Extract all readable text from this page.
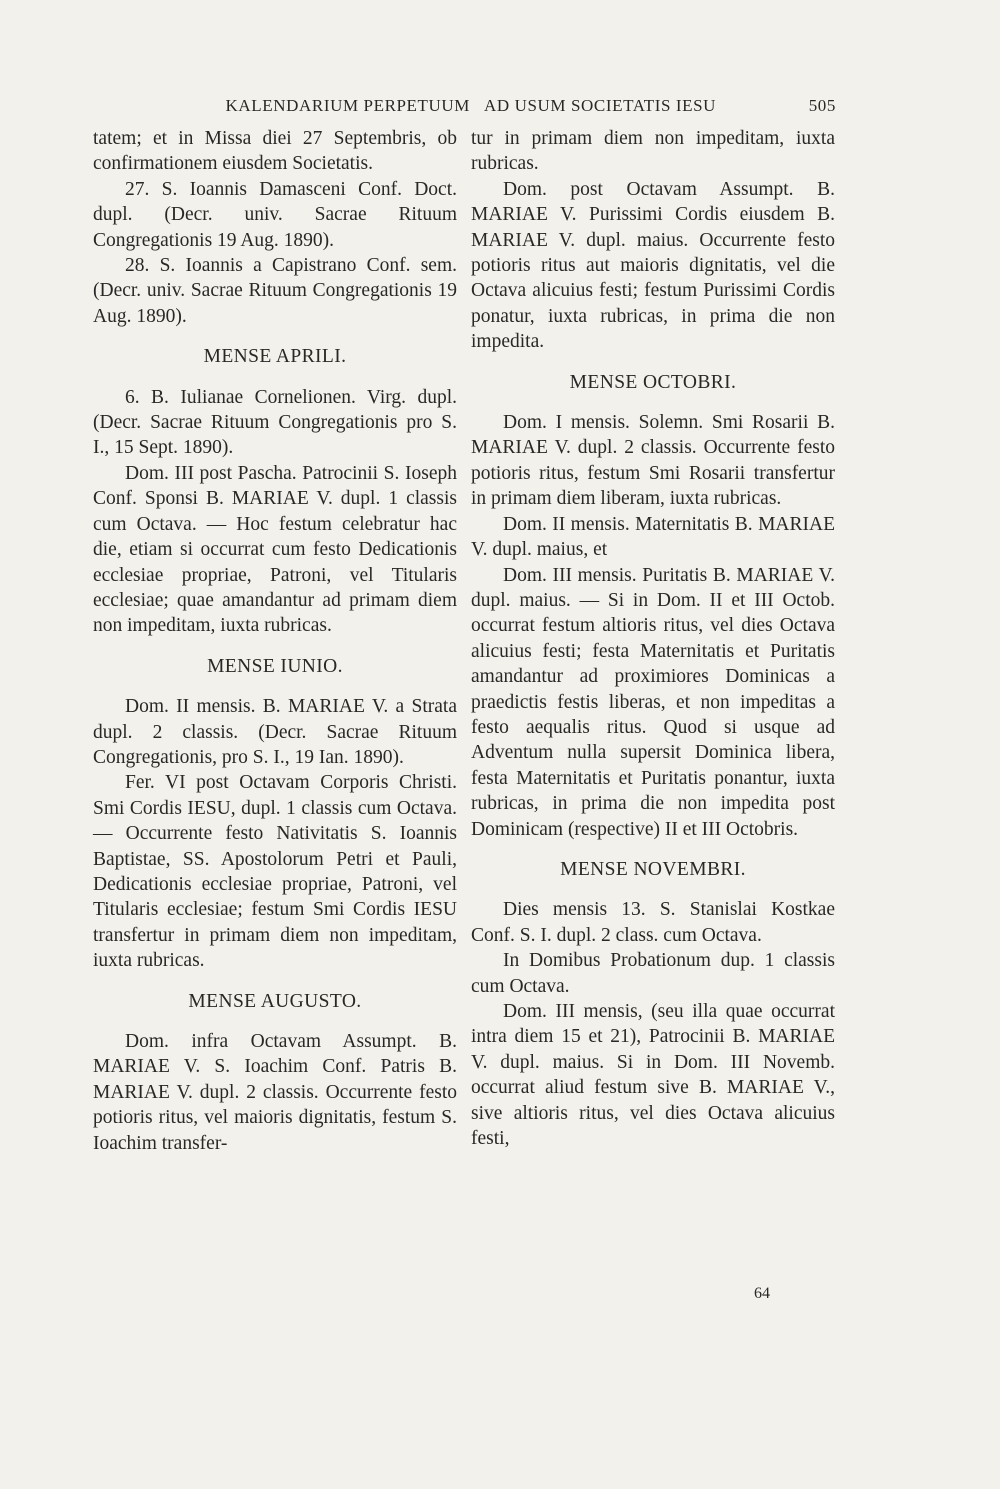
KALENDARIUM PERPETUUM AD USUM SOCIETATIS IESU	505

tatem; et in Missa diei 27 Septembris, ob confirmationem eiusdem Societatis.

27. S. Ioannis Damasceni Conf. Doct. dupl. (Decr. univ. Sacrae Rituum Congregationis 19 Aug. 1890).

28. S. Ioannis a Capistrano Conf. sem. (Decr. univ. Sacrae Rituum Congregationis 19 Aug. 1890).

MENSE APRILI.

6. B. Iulianae Cornelionen. Virg. dupl. (Decr. Sacrae Rituum Congregationis pro S. I., 15 Sept. 1890).

Dom. III post Pascha. Patrocinii S. Ioseph Conf. Sponsi B. MARIAE V. dupl. 1 classis cum Octava. — Hoc festum celebratur hac die, etiam si occurrat cum festo Dedicationis ecclesiae propriae, Patroni, vel Titularis ecclesiae; quae amandantur ad primam diem non impeditam, iuxta rubricas.

MENSE IUNIO.

Dom. II mensis. B. MARIAE V. a Strata dupl. 2 classis. (Decr. Sacrae Rituum Congregationis, pro S. I., 19 Ian. 1890).

Fer. VI post Octavam Corporis Christi. Smi Cordis IESU, dupl. 1 classis cum Octava. — Occurrente festo Nativitatis S. Ioannis Baptistae, SS. Apostolorum Petri et Pauli, Dedicationis ecclesiae propriae, Patroni, vel Titularis ecclesiae; festum Smi Cordis IESU transfertur in primam diem non impeditam, iuxta rubricas.

MENSE AUGUSTO.

Dom. infra Octavam Assumpt. B. MARIAE V. S. Ioachim Conf. Patris B. MARIAE V. dupl. 2 classis. Occurrente festo potioris ritus, vel maioris dignitatis, festum S. Ioachim transfer-

tur in primam diem non impeditam, iuxta rubricas.

Dom. post Octavam Assumpt. B. MARIAE V. Purissimi Cordis eiusdem B. MARIAE V. dupl. maius. Occurrente festo potioris ritus aut maioris dignitatis, vel die Octava alicuius festi; festum Purissimi Cordis ponatur, iuxta rubricas, in prima die non impedita.

MENSE OCTOBRI.

Dom. I mensis. Solemn. Smi Rosarii B. MARIAE V. dupl. 2 classis. Occurrente festo potioris ritus, festum Smi Rosarii transfertur in primam diem liberam, iuxta rubricas.

Dom. II mensis. Maternitatis B. MARIAE V. dupl. maius, et

Dom. III mensis. Puritatis B. MARIAE V. dupl. maius. — Si in Dom. II et III Octob. occurrat festum altioris ritus, vel dies Octava alicuius festi; festa Maternitatis et Puritatis amandantur ad proximiores Dominicas a praedictis festis liberas, et non impeditas a festo aequalis ritus. Quod si usque ad Adventum nulla supersit Dominica libera, festa Maternitatis et Puritatis ponantur, iuxta rubricas, in prima die non impedita post Dominicam (respective) II et III Octobris.

MENSE NOVEMBRI.

Dies mensis 13. S. Stanislai Kostkae Conf. S. I. dupl. 2 class. cum Octava.

In Domibus Probationum dup. 1 classis cum Octava.

Dom. III mensis, (seu illa quae occurrat intra diem 15 et 21), Patrocinii B. MARIAE V. dupl. maius. Si in Dom. III Novemb. occurrat aliud festum sive B. MARIAE V., sive altioris ritus, vel dies Octava alicuius festi,

64
